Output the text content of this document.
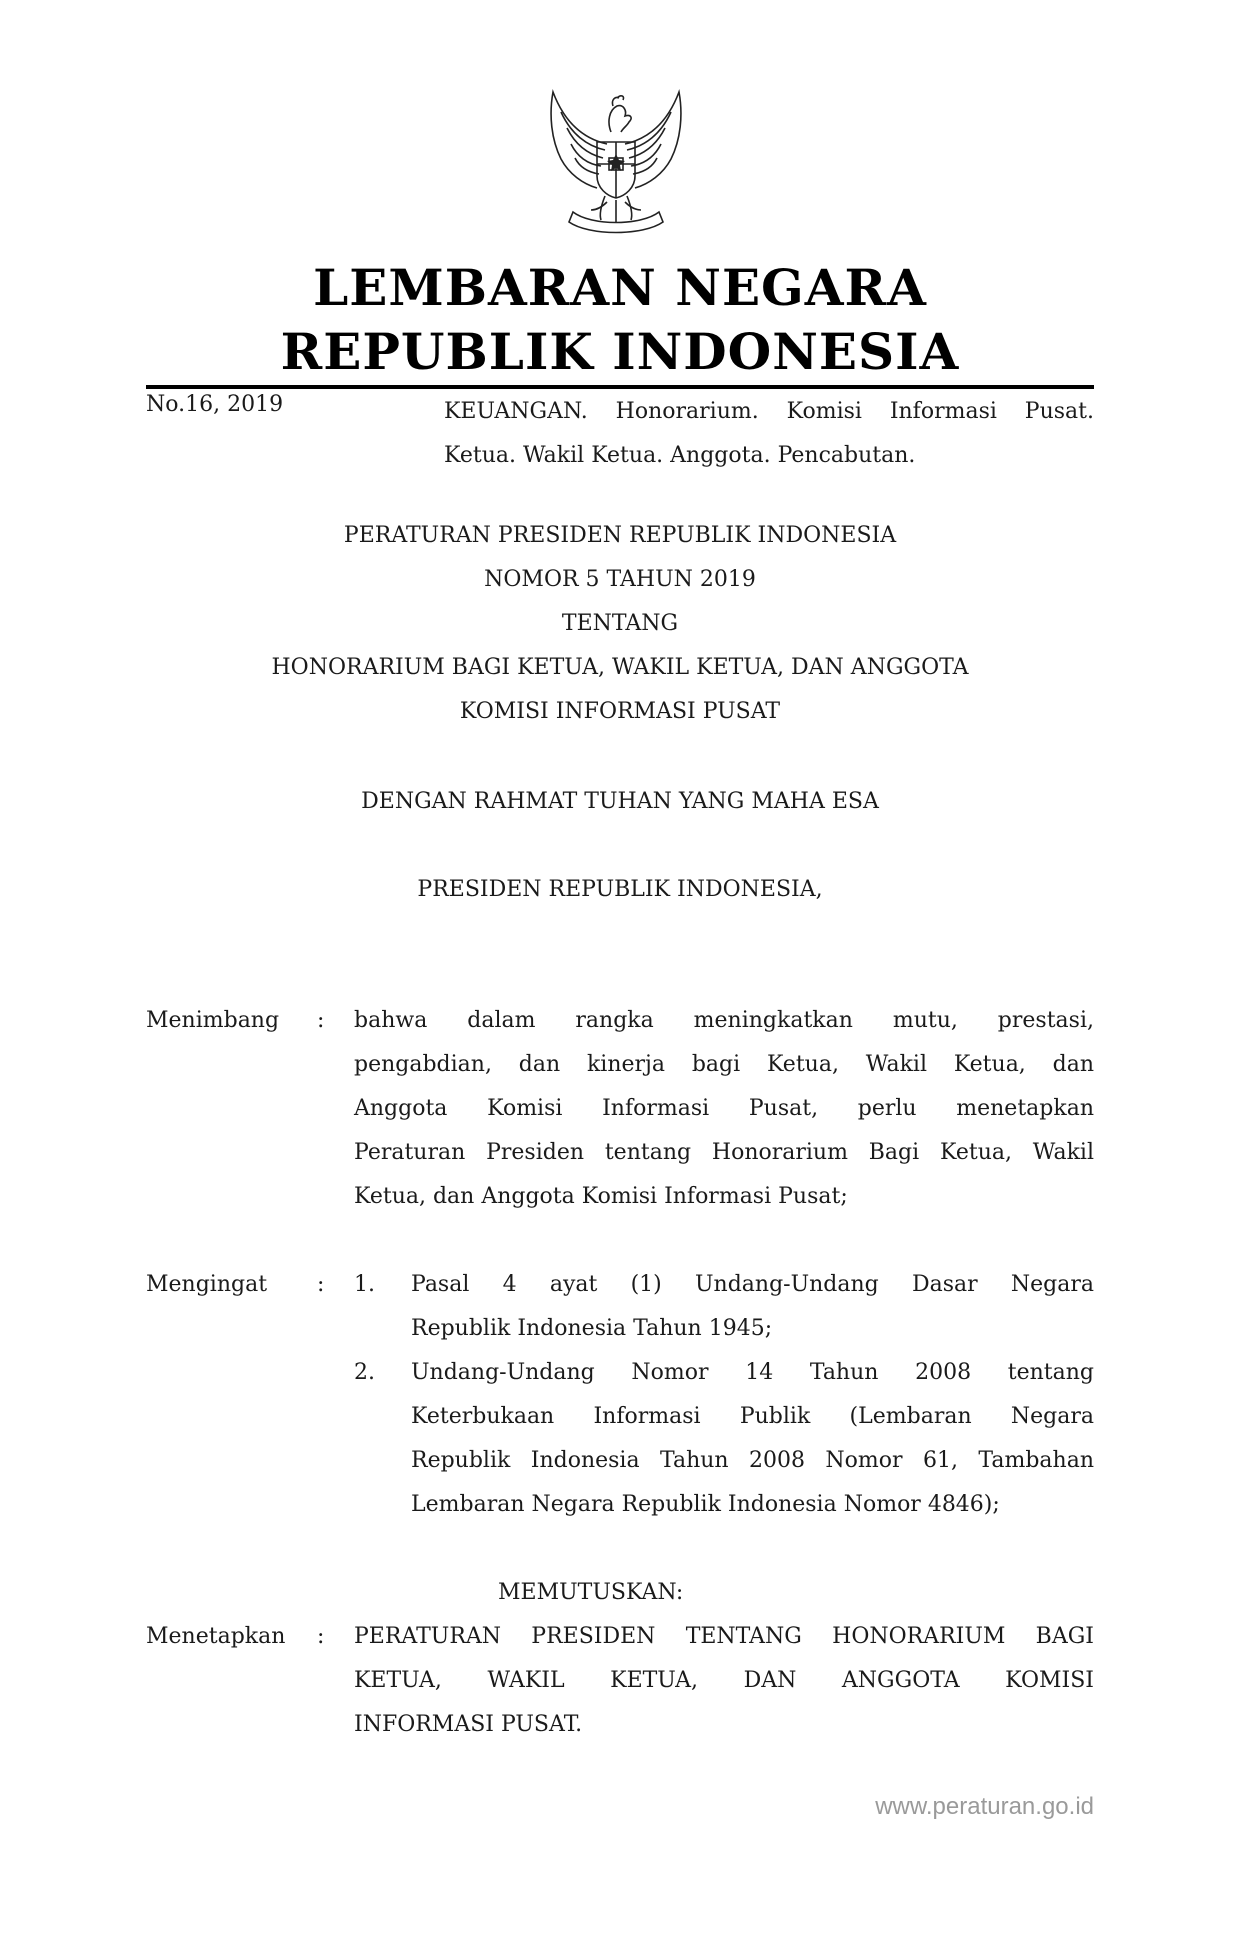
LEMBARAN NEGARA
REPUBLIK INDONESIA
No.16, 2019	KEUANGAN. Honorarium. Komisi Informasi Pusat.
Ketua. Wakil Ketua. Anggota. Pencabutan.
PERATURAN PRESIDEN REPUBLIK INDONESIA
NOMOR 5 TAHUN 2019
TENTANG
HONORARIUM BAGI KETUA, WAKIL KETUA, DAN ANGGOTA
KOMISI INFORMASI PUSAT
DENGAN RAHMAT TUHAN YANG MAHA ESA
PRESIDEN REPUBLIK INDONESIA,
Menimbang : bahwa dalam rangka meningkatkan mutu, prestasi,
pengabdian, dan kinerja bagi Ketua, Wakil Ketua, dan
Anggota Komisi Informasi Pusat, perlu menetapkan
Peraturan Presiden tentang Honorarium Bagi Ketua, Wakil
Ketua, dan Anggota Komisi Informasi Pusat;
Mengingat : 1. Pasal 4 ayat (1) Undang-Undang Dasar Negara
Republik Indonesia Tahun 1945;
2. Undang-Undang Nomor 14 Tahun 2008 tentang
Keterbukaan Informasi Publik (Lembaran Negara
Republik Indonesia Tahun 2008 Nomor 61, Tambahan
Lembaran Negara Republik Indonesia Nomor 4846);
MEMUTUSKAN:
Menetapkan : PERATURAN PRESIDEN TENTANG HONORARIUM BAGI
KETUA, WAKIL KETUA, DAN ANGGOTA KOMISI
INFORMASI PUSAT.
www.peraturan.go.id
